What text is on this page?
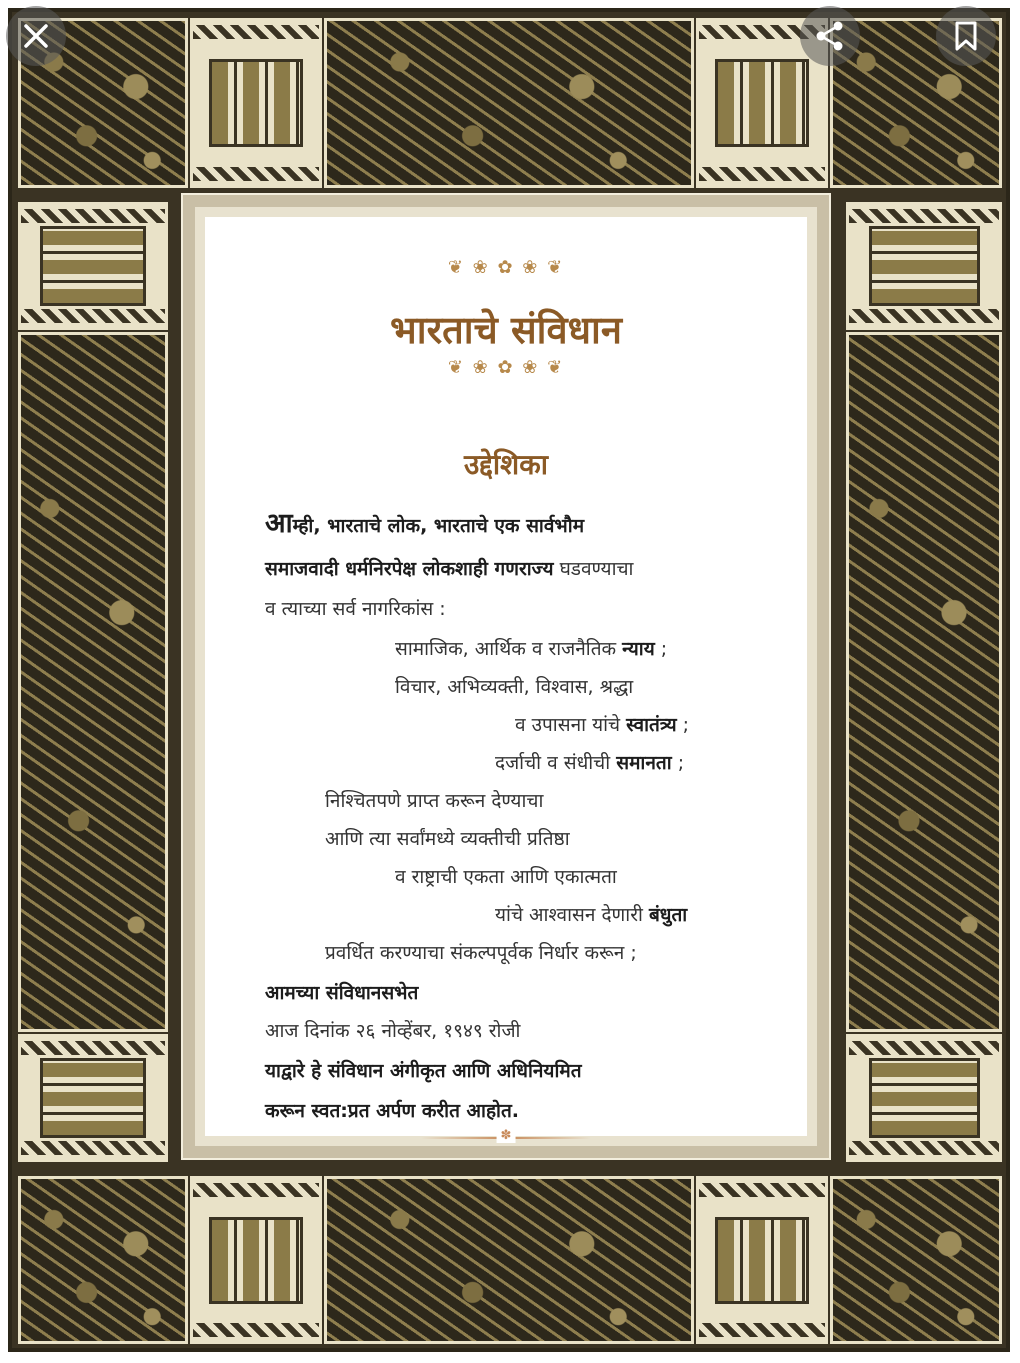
❦ ❀ ✿ ❀ ❦
भारताचे संविधान
❦ ❀ ✿ ❀ ❦
उद्देशिका
आम्ही, भारताचे लोक, भारताचे एक सार्वभौम
समाजवादी धर्मनिरपेक्ष लोकशाही गणराज्य घडवण्याचा
व त्याच्या सर्व नागरिकांस :
सामाजिक, आर्थिक व राजनैतिक न्याय ;
विचार, अभिव्यक्ती, विश्वास, श्रद्धा
व उपासना यांचे स्वातंत्र्य ;
दर्जाची व संधीची समानता ;
निश्चितपणे प्राप्त करून देण्याचा
आणि त्या सर्वांमध्ये व्यक्तीची प्रतिष्ठा
व राष्ट्राची एकता आणि एकात्मता
यांचे आश्वासन देणारी बंधुता
प्रवर्धित करण्याचा संकल्पपूर्वक निर्धार करून ;
आमच्या संविधानसभेत
आज दिनांक २६ नोव्हेंबर, १९४९ रोजी
याद्वारे हे संविधान अंगीकृत आणि अधिनियमित
करून स्वत:प्रत अर्पण करीत आहोत.
✽
